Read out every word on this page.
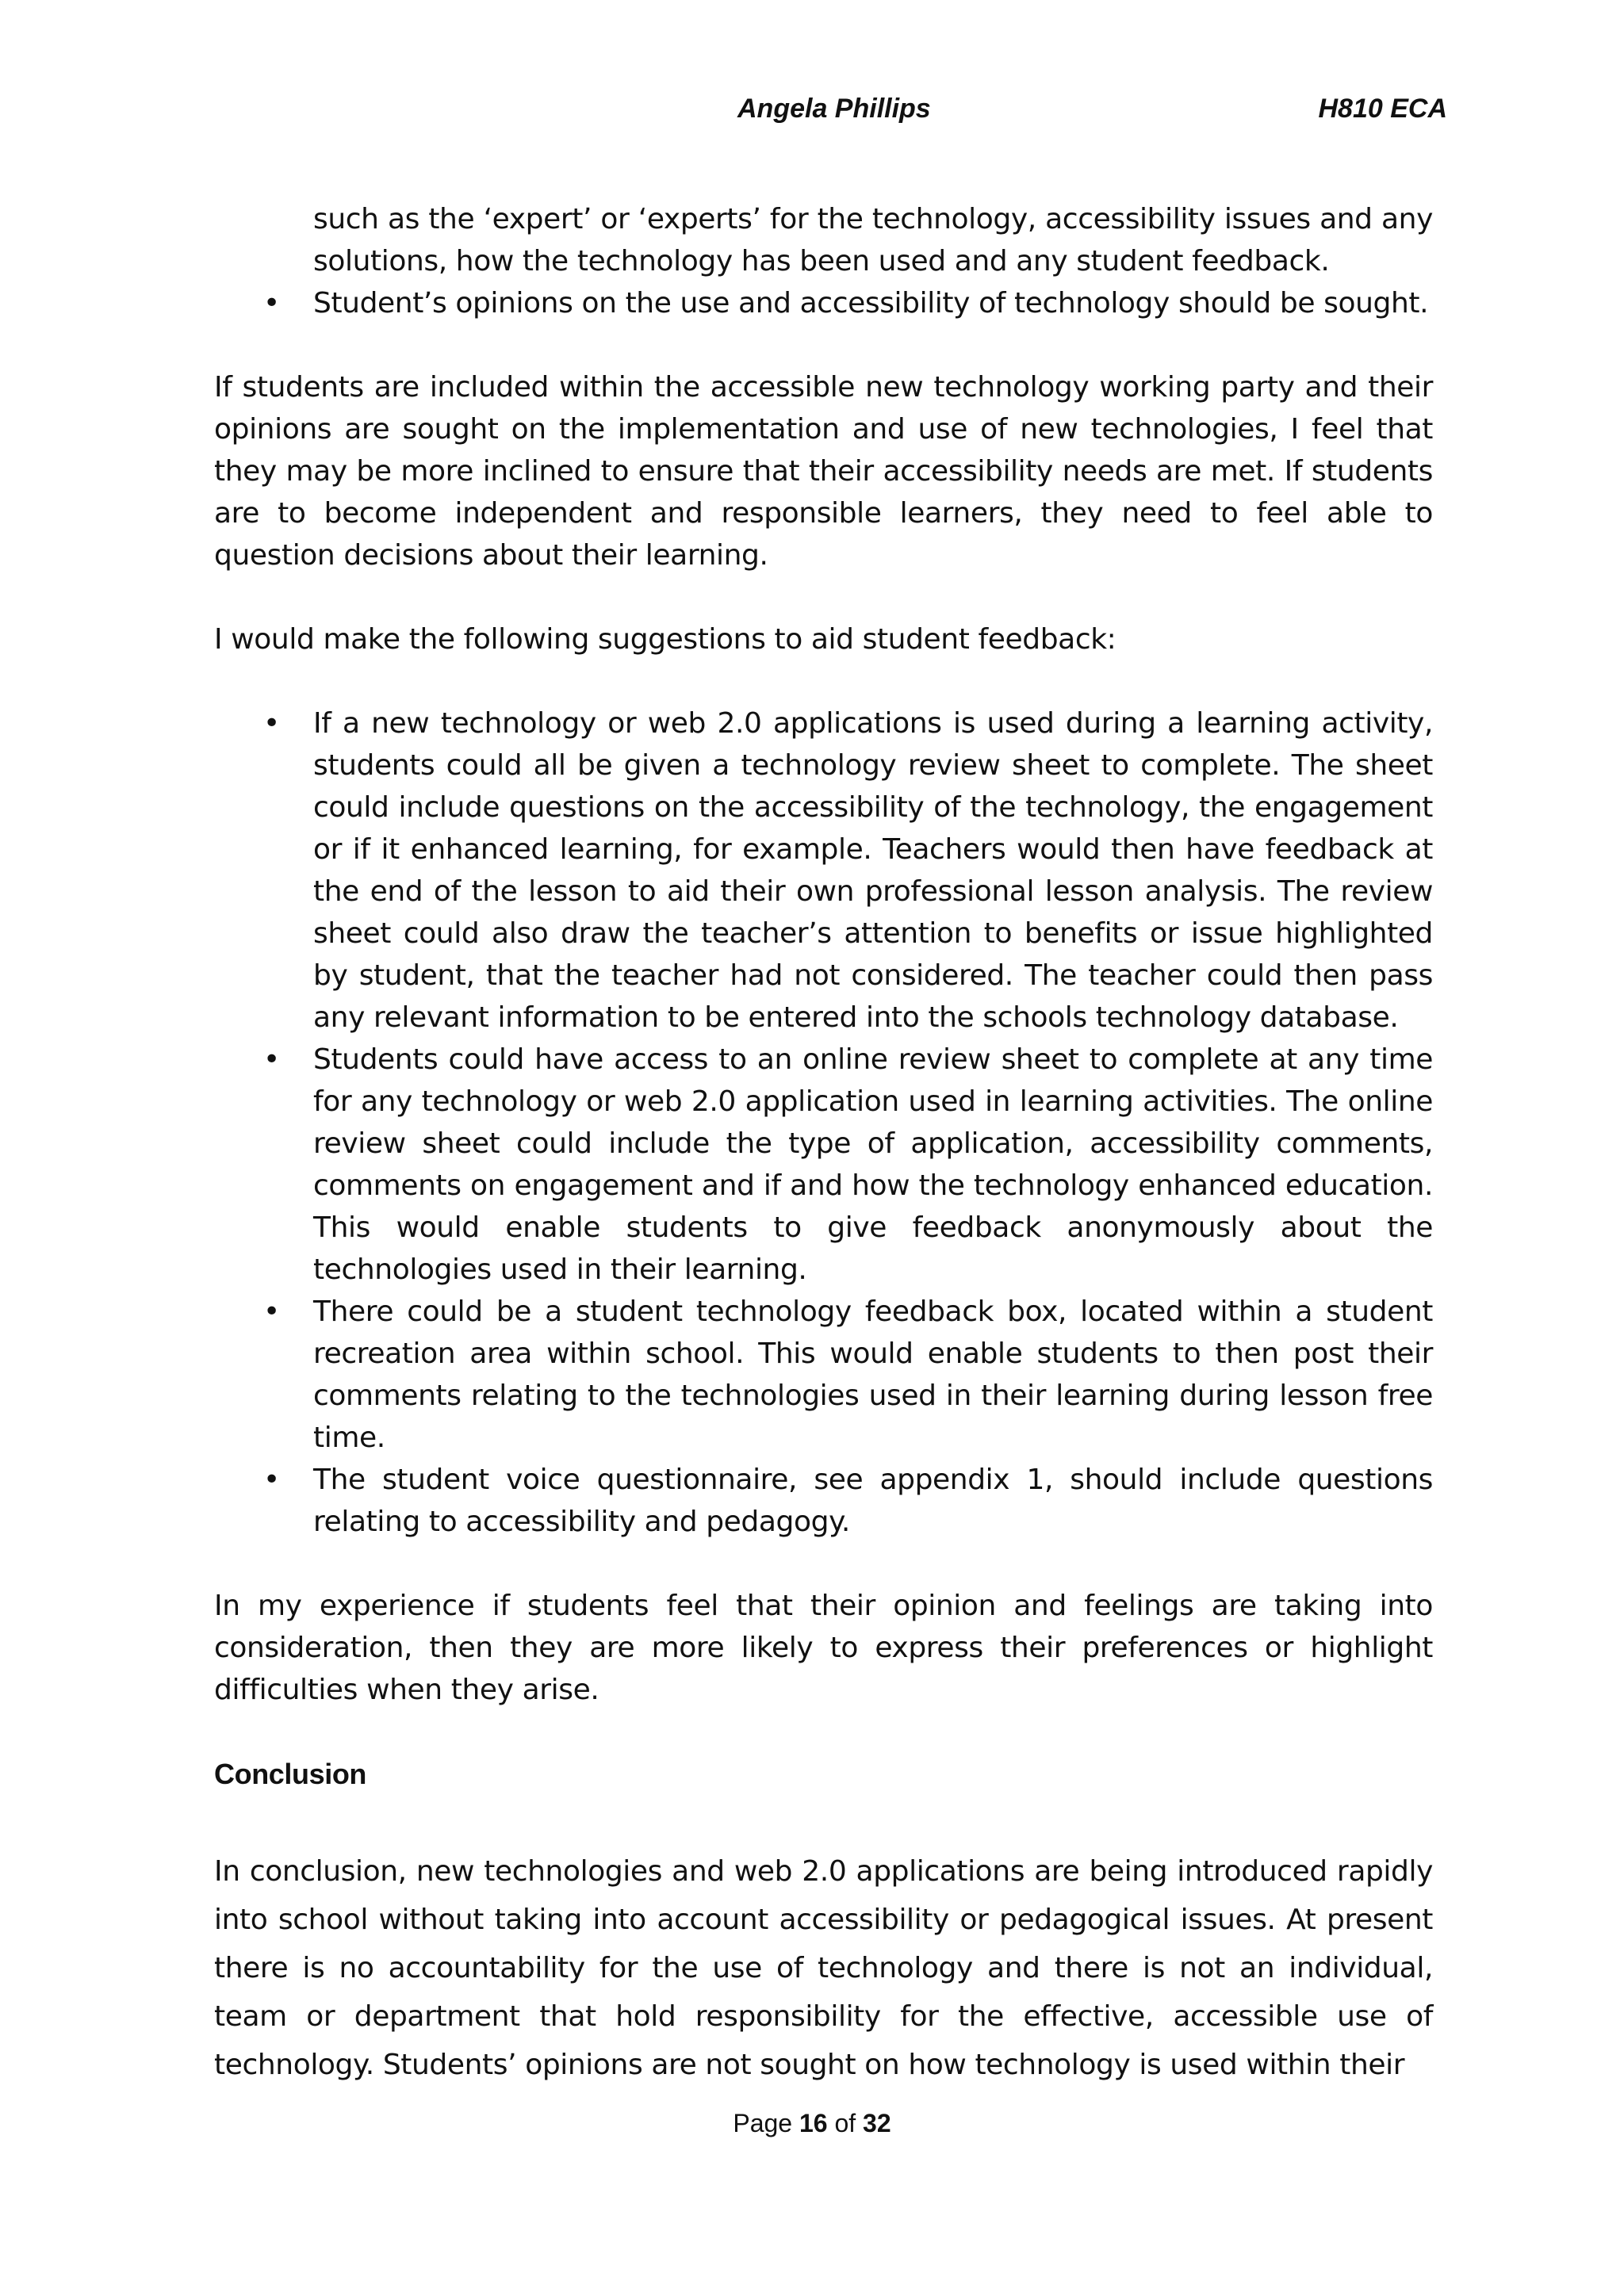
Angela Phillips	H810 ECA
such as the ‘expert’ or ‘experts’ for the technology, accessibility issues and any solutions, how the technology has been used and any student feedback.
• Student’s opinions on the use and accessibility of technology should be sought.

If students are included within the accessible new technology working party and their opinions are sought on the implementation and use of new technologies, I feel that they may be more inclined to ensure that their accessibility needs are met. If students are to become independent and responsible learners, they need to feel able to question decisions about their learning.

I would make the following suggestions to aid student feedback:

• If a new technology or web 2.0 applications is used during a learning activity, students could all be given a technology review sheet to complete. The sheet could include questions on the accessibility of the technology, the engagement or if it enhanced learning, for example. Teachers would then have feedback at the end of the lesson to aid their own professional lesson analysis. The review sheet could also draw the teacher’s attention to benefits or issue highlighted by student, that the teacher had not considered. The teacher could then pass any relevant information to be entered into the schools technology database.
• Students could have access to an online review sheet to complete at any time for any technology or web 2.0 application used in learning activities. The online review sheet could include the type of application, accessibility comments, comments on engagement and if and how the technology enhanced education. This would enable students to give feedback anonymously about the technologies used in their learning.
• There could be a student technology feedback box, located within a student recreation area within school. This would enable students to then post their comments relating to the technologies used in their learning during lesson free time.
• The student voice questionnaire, see appendix 1, should include questions relating to accessibility and pedagogy.

In my experience if students feel that their opinion and feelings are taking into consideration, then they are more likely to express their preferences or highlight difficulties when they arise.

Conclusion

In conclusion, new technologies and web 2.0 applications are being introduced rapidly into school without taking into account accessibility or pedagogical issues. At present there is no accountability for the use of technology and there is not an individual, team or department that hold responsibility for the effective, accessible use of technology. Students’ opinions are not sought on how technology is used within their

Page 16 of 32
